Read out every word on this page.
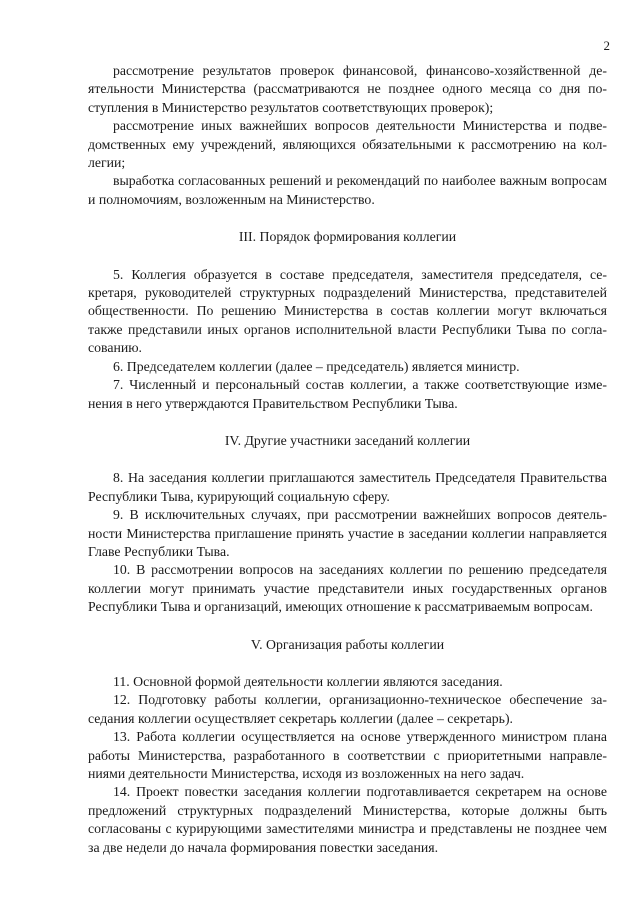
2

рассмотрение результатов проверок финансовой, финансово-хозяйственной деятельности Министерства (рассматриваются не позднее одного месяца со дня поступления в Министерство результатов соответствующих проверок);

рассмотрение иных важнейших вопросов деятельности Министерства и подведомственных ему учреждений, являющихся обязательными к рассмотрению на коллегии;

выработка согласованных решений и рекомендаций по наиболее важным вопросам и полномочиям, возложенным на Министерство.

III. Порядок формирования коллегии

5. Коллегия образуется в составе председателя, заместителя председателя, секретаря, руководителей структурных подразделений Министерства, представителей общественности. По решению Министерства в состав коллегии могут включаться также представили иных органов исполнительной власти Республики Тыва по согласованию.

6. Председателем коллегии (далее – председатель) является министр.

7. Численный и персональный состав коллегии, а также соответствующие изменения в него утверждаются Правительством Республики Тыва.

IV. Другие участники заседаний коллегии

8. На заседания коллегии приглашаются заместитель Председателя Правительства Республики Тыва, курирующий социальную сферу.

9. В исключительных случаях, при рассмотрении важнейших вопросов деятельности Министерства приглашение принять участие в заседании коллегии направляется Главе Республики Тыва.

10. В рассмотрении вопросов на заседаниях коллегии по решению председателя коллегии могут принимать участие представители иных государственных органов Республики Тыва и организаций, имеющих отношение к рассматриваемым вопросам.

V. Организация работы коллегии

11. Основной формой деятельности коллегии являются заседания.

12. Подготовку работы коллегии, организационно-техническое обеспечение заседания коллегии осуществляет секретарь коллегии (далее – секретарь).

13. Работа коллегии осуществляется на основе утвержденного министром плана работы Министерства, разработанного в соответствии с приоритетными направлениями деятельности Министерства, исходя из возложенных на него задач.

14. Проект повестки заседания коллегии подготавливается секретарем на основе предложений структурных подразделений Министерства, которые должны быть согласованы с курирующими заместителями министра и представлены не позднее чем за две недели до начала формирования повестки заседания.
